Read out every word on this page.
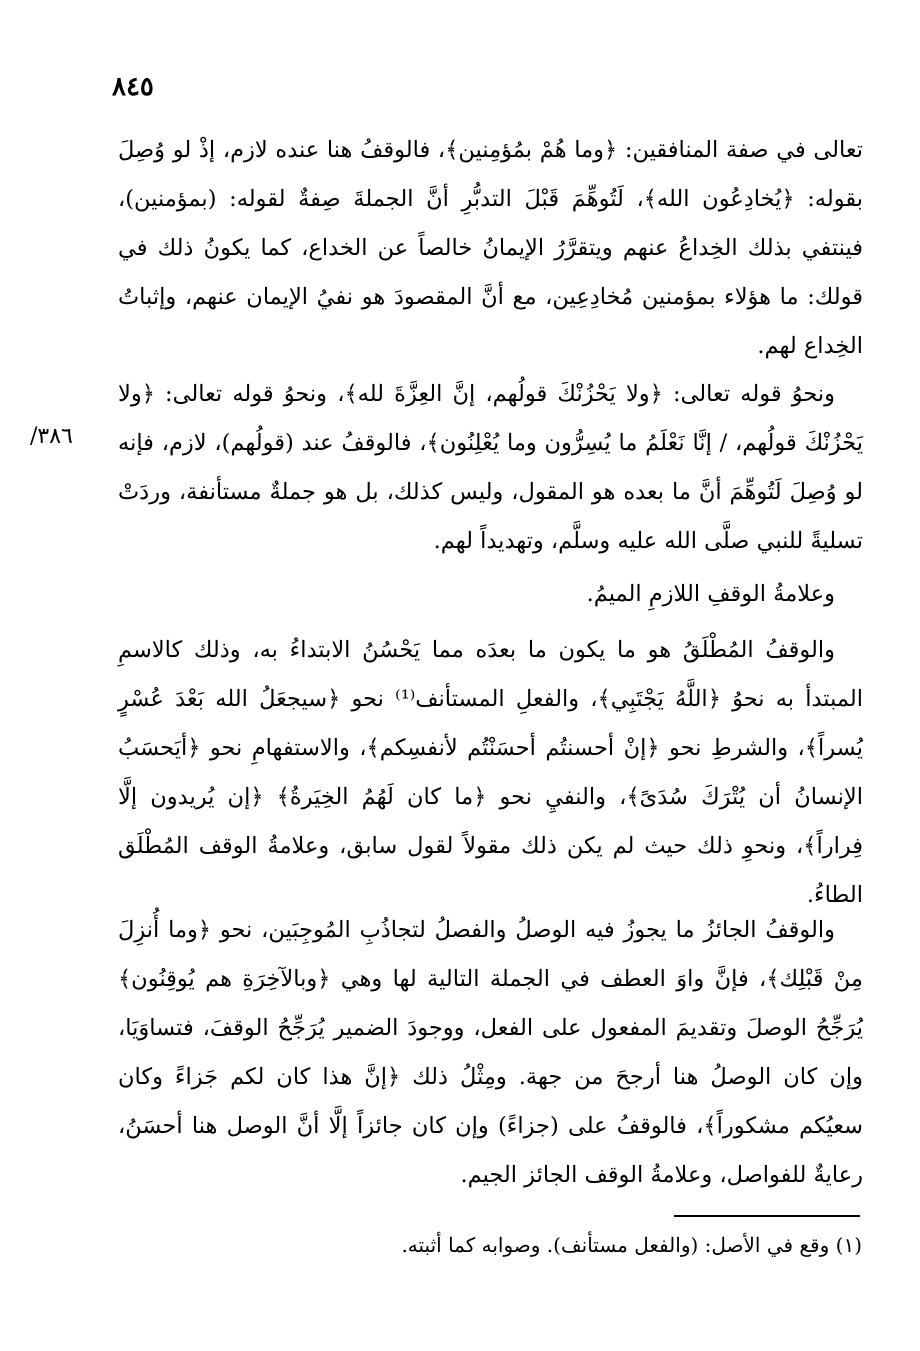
٨٤٥
٣٨٦/

تعالى في صفة المنافقين: ﴿وما هُمْ بمُؤمِنين﴾، فالوقفُ هنا عنده لازم، إذْ لو وُصِلَ بقوله: ﴿يُخادِعُون الله﴾، لَتُوهِّمَ قَبْلَ التدبُّرِ أنَّ الجملةَ صِفةٌ لقوله: (بمؤمنين)، فينتفي بذلك الخِداعُ عنهم ويتقرَّرُ الإيمانُ خالصاً عن الخداع، كما يكونُ ذلك في قولك: ما هؤلاء بمؤمنين مُخادِعِين، مع أنَّ المقصودَ هو نفيُ الإيمان عنهم، وإثباتُ الخِداع لهم.

ونحوُ قوله تعالى: ﴿ولا يَحْزُنْكَ قولُهم، إنَّ العِزَّةَ لله﴾، ونحوُ قوله تعالى: ﴿ولا يَحْزُنْكَ قولُهم، / إنَّا نَعْلَمُ ما يُسِرُّون وما يُعْلِنُون﴾، فالوقفُ عند (قولُهم)، لازم، فإنه لو وُصِلَ لَتُوهِّمَ أنَّ ما بعده هو المقول، وليس كذلك، بل هو جملةٌ مستأنفة، وردَتْ تسليةً للنبي صلَّى الله عليه وسلَّم، وتهديداً لهم.

وعلامةُ الوقفِ اللازمِ الميمُ.

والوقفُ المُطْلَقُ هو ما يكون ما بعدَه مما يَحْسُنُ الابتداءُ به، وذلك كالاسمِ المبتدأ به نحوُ ﴿اللَّهُ يَجْتَبِي﴾، والفعلِ المستأنف⁽¹⁾ نحو ﴿سيجعَلُ الله بَعْدَ عُسْرٍ يُسراً﴾، والشرطِ نحو ﴿إنْ أحسنتُم أحسَنْتُم لأنفسِكم﴾، والاستفهامِ نحو ﴿أيَحسَبُ الإنسانُ أن يُتْرَكَ سُدَىً﴾، والنفيِ نحو ﴿ما كان لَهُمُ الخِيَرةُ﴾ ﴿إن يُريدون إلَّا فِراراً﴾، ونحوِ ذلك حيث لم يكن ذلك مقولاً لقول سابق، وعلامةُ الوقف المُطْلَق الطاءُ.

والوقفُ الجائزُ ما يجوزُ فيه الوصلُ والفصلُ لتجاذُبِ المُوجِبَين، نحو ﴿وما أُنزِلَ مِنْ قَبْلِك﴾، فإنَّ واوَ العطف في الجملة التالية لها وهي ﴿وبالآخِرَةِ هم يُوقِنُون﴾ يُرَجِّحُ الوصلَ وتقديمَ المفعول على الفعل، ووجودَ الضمير يُرَجِّحُ الوقفَ، فتساوَيَا، وإن كان الوصلُ هنا أرجحَ من جهة. ومِثْلُ ذلك ﴿إنَّ هذا كان لكم جَزاءً وكان سعيُكم مشكوراً﴾، فالوقفُ على (جزاءً) وإن كان جائزاً إلَّا أنَّ الوصل هنا أحسَنُ، رعايةٌ للفواصل، وعلامةُ الوقف الجائز الجيم.

(١) وقع في الأصل: (والفعل مستأنف). وصوابه كما أثبته.
